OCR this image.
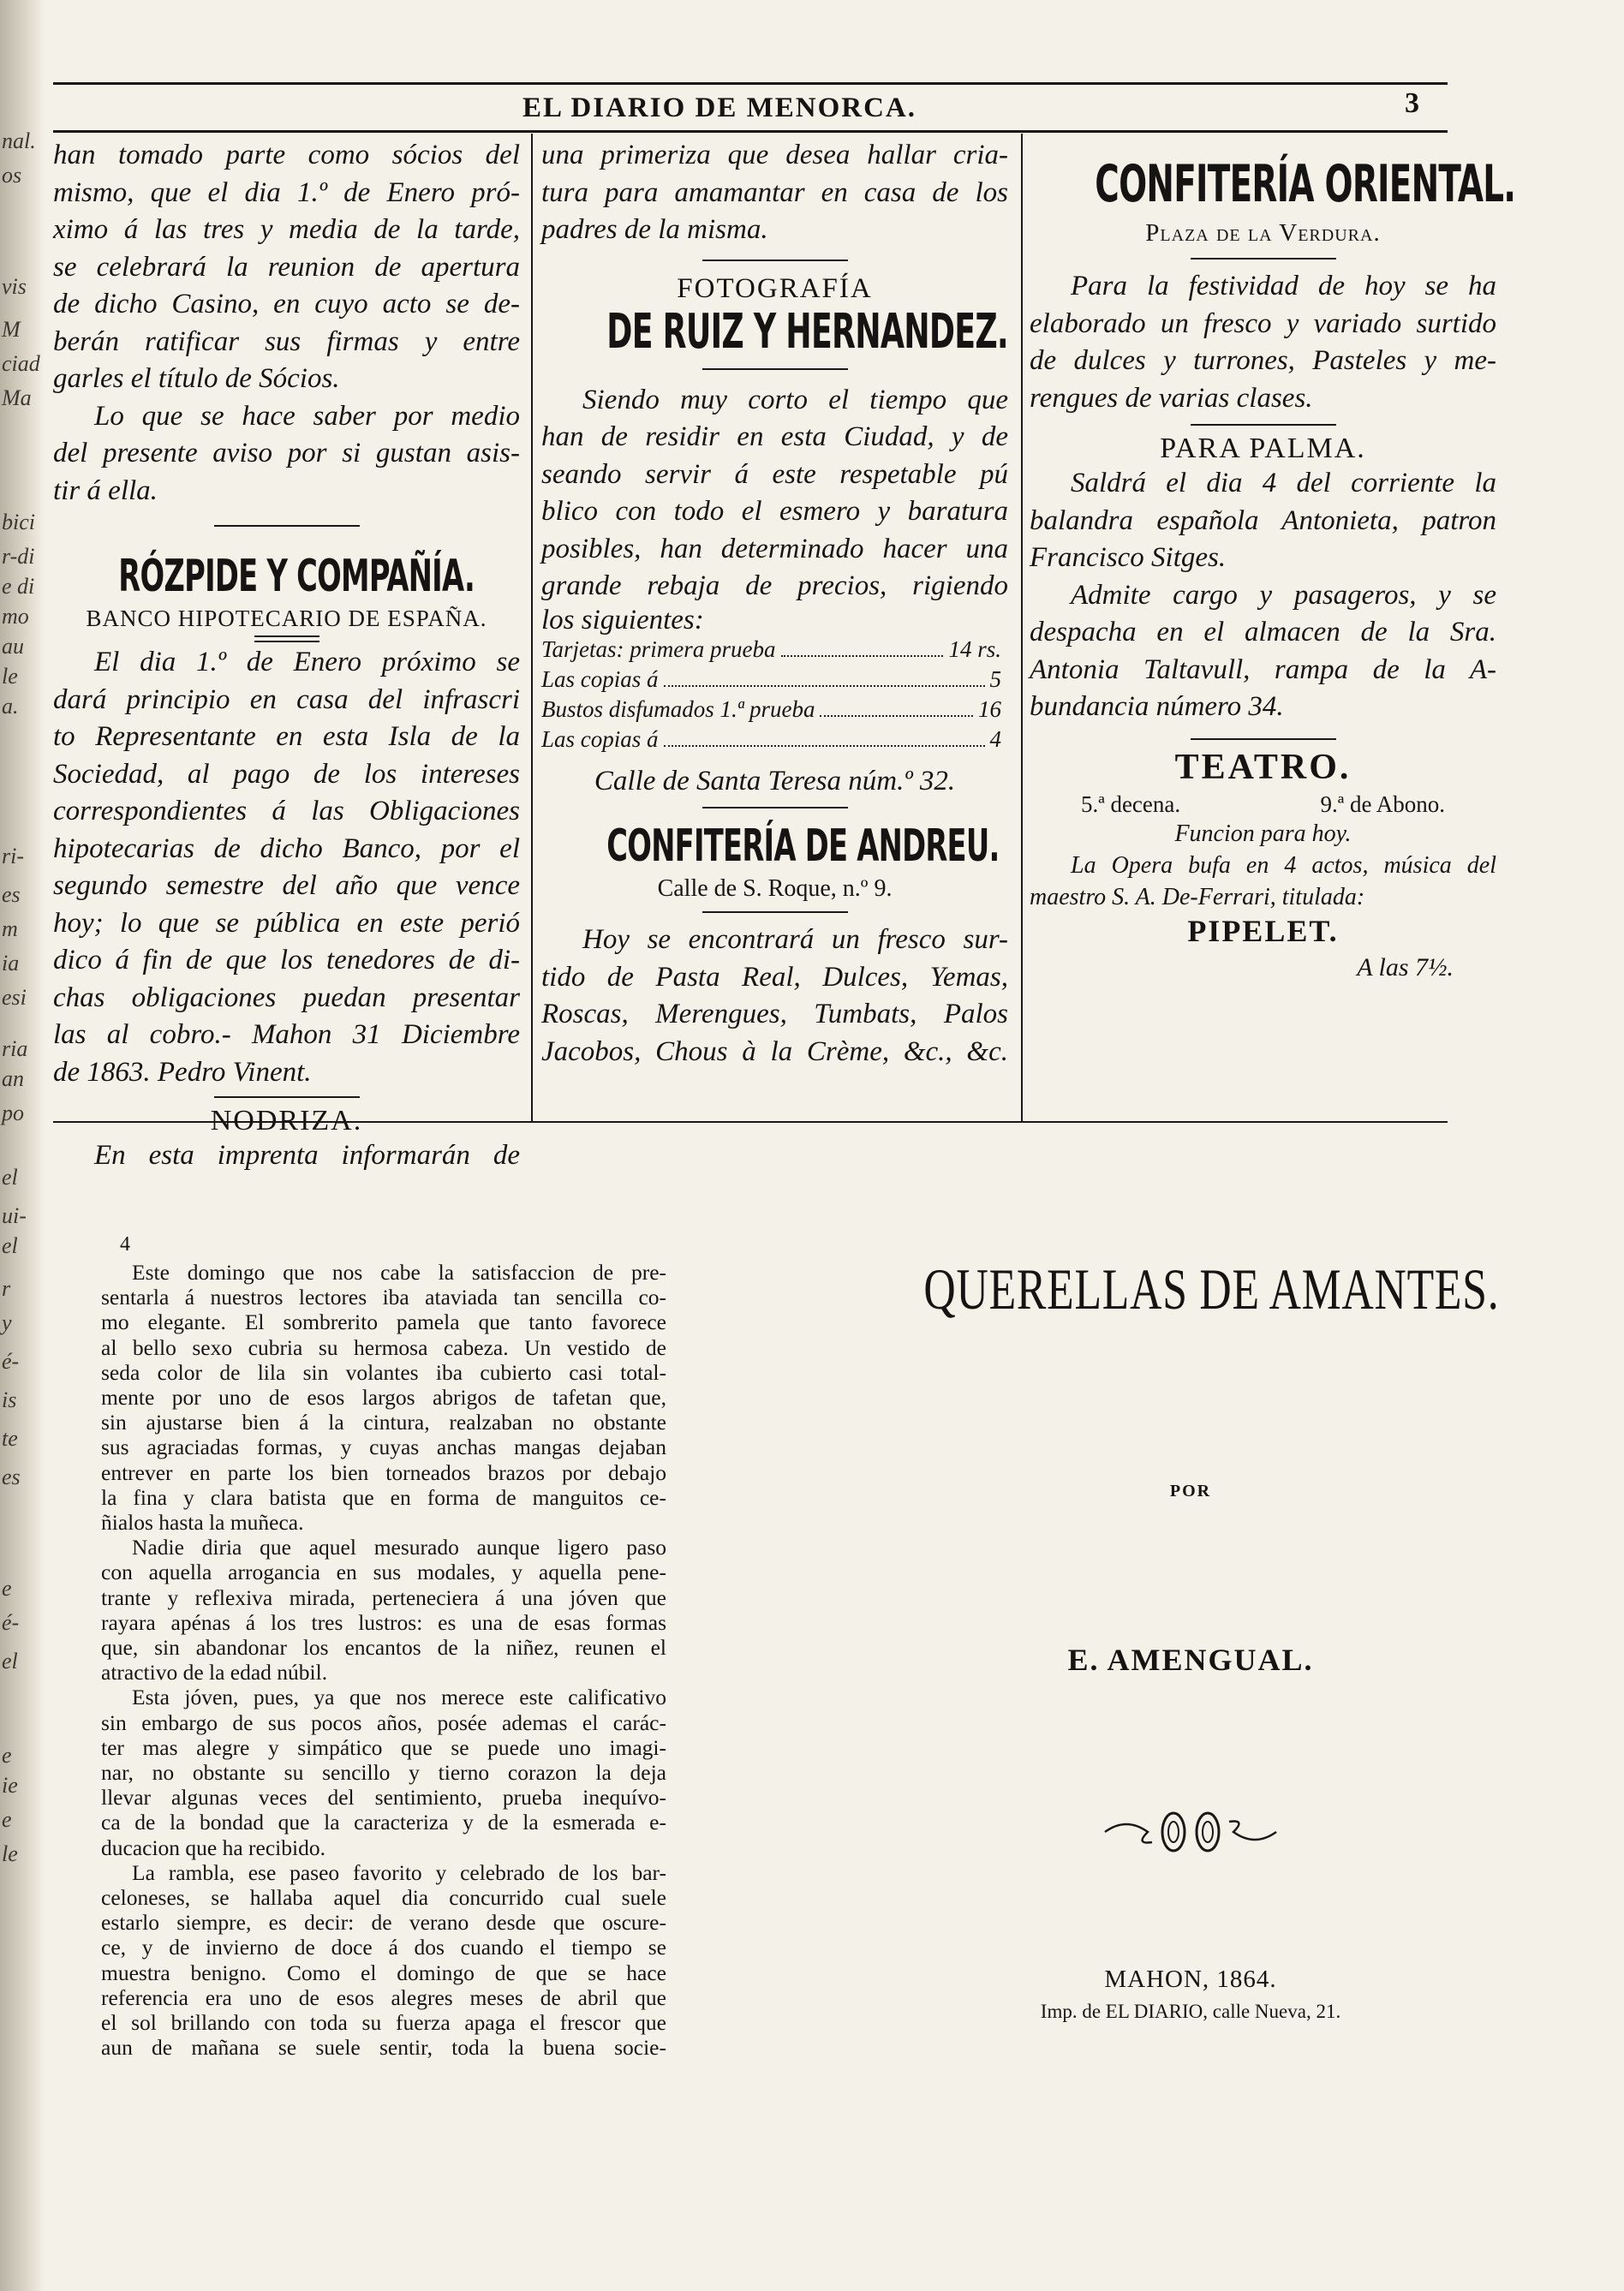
nal.
os
vis
M
ciad
Ma
bici
r-di
e di
mo
au
le
a.
ri-
es
m
ia
esi
ria
an
po
el
ui-
el
r
y
é-
is
te
es
e
é-
el
e
ie
e
le
EL DIARIO DE MENORCA.	3
han tomado parte como sócios del
mismo, que el dia 1.º de Enero pró-
ximo á las tres y media de la tarde,
se celebrará la reunion de apertura
de dicho Casino, en cuyo acto se de-
berán ratificar sus firmas y entre
garles el título de Sócios.
Lo que se hace saber por medio
del presente aviso por si gustan asis-
tir á ella.
RÓZPIDE Y COMPAÑÍA.
BANCO HIPOTECARIO DE ESPAÑA.
El dia 1.º de Enero próximo se
dará principio en casa del infrascri
to Representante en esta Isla de la
Sociedad, al pago de los intereses
correspondientes á las Obligaciones
hipotecarias de dicho Banco, por el
segundo semestre del año que vence
hoy; lo que se pública en este perió
dico á fin de que los tenedores de di-
chas obligaciones puedan presentar
las al cobro.- Mahon 31 Diciembre
de 1863. Pedro Vinent.
NODRIZA.
En esta imprenta informarán de
una primeriza que desea hallar cria-
tura para amamantar en casa de los
padres de la misma.
FOTOGRAFÍA
DE RUIZ Y HERNANDEZ.
Siendo muy corto el tiempo que
han de residir en esta Ciudad, y de
seando servir á este respetable pú
blico con todo el esmero y baratura
posibles, han determinado hacer una
grande rebaja de precios, rigiendo
los siguientes:
Tarjetas: primera prueba	14 rs.
Las copias á	5
Bustos disfumados 1.ª prueba	16
Las copias á	4
Calle de Santa Teresa núm.º 32.
CONFITERÍA DE ANDREU.
Calle de S. Roque, n.º 9.
Hoy se encontrará un fresco sur-
tido de Pasta Real, Dulces, Yemas,
Roscas, Merengues, Tumbats, Palos
Jacobos, Chous à la Crème, &c., &c.
CONFITERÍA ORIENTAL.
Plaza de la Verdura.
Para la festividad de hoy se ha
elaborado un fresco y variado surtido
de dulces y turrones, Pasteles y me-
rengues de varias clases.
PARA PALMA.
Saldrá el dia 4 del corriente la
balandra española Antonieta, patron
Francisco Sitges.
Admite cargo y pasageros, y se
despacha en el almacen de la Sra.
Antonia Taltavull, rampa de la A-
bundancia número 34.
TEATRO.
5.ª decena.	9.ª de Abono.
Funcion para hoy.
La Opera bufa en 4 actos, música del
maestro S. A. De-Ferrari, titulada:
PIPELET.
A las 7½.
4
Este domingo que nos cabe la satisfaccion de pre-
sentarla á nuestros lectores iba ataviada tan sencilla co-
mo elegante. El sombrerito pamela que tanto favorece
al bello sexo cubria su hermosa cabeza. Un vestido de
seda color de lila sin volantes iba cubierto casi total-
mente por uno de esos largos abrigos de tafetan que,
sin ajustarse bien á la cintura, realzaban no obstante
sus agraciadas formas, y cuyas anchas mangas dejaban
entrever en parte los bien torneados brazos por debajo
la fina y clara batista que en forma de manguitos ce-
ñialos hasta la muñeca.
Nadie diria que aquel mesurado aunque ligero paso
con aquella arrogancia en sus modales, y aquella pene-
trante y reflexiva mirada, perteneciera á una jóven que
rayara apénas á los tres lustros: es una de esas formas
que, sin abandonar los encantos de la niñez, reunen el
atractivo de la edad núbil.
Esta jóven, pues, ya que nos merece este calificativo
sin embargo de sus pocos años, posée ademas el carác-
ter mas alegre y simpático que se puede uno imagi-
nar, no obstante su sencillo y tierno corazon la deja
llevar algunas veces del sentimiento, prueba inequívo-
ca de la bondad que la caracteriza y de la esmerada e-
ducacion que ha recibido.
La rambla, ese paseo favorito y celebrado de los bar-
celoneses, se hallaba aquel dia concurrido cual suele
estarlo siempre, es decir: de verano desde que oscure-
ce, y de invierno de doce á dos cuando el tiempo se
muestra benigno. Como el domingo de que se hace
referencia era uno de esos alegres meses de abril que
el sol brillando con toda su fuerza apaga el frescor que
aun de mañana se suele sentir, toda la buena socie-
QUERELLAS DE AMANTES.
POR
E. AMENGUAL.
MAHON, 1864.
Imp. de EL DIARIO, calle Nueva, 21.
